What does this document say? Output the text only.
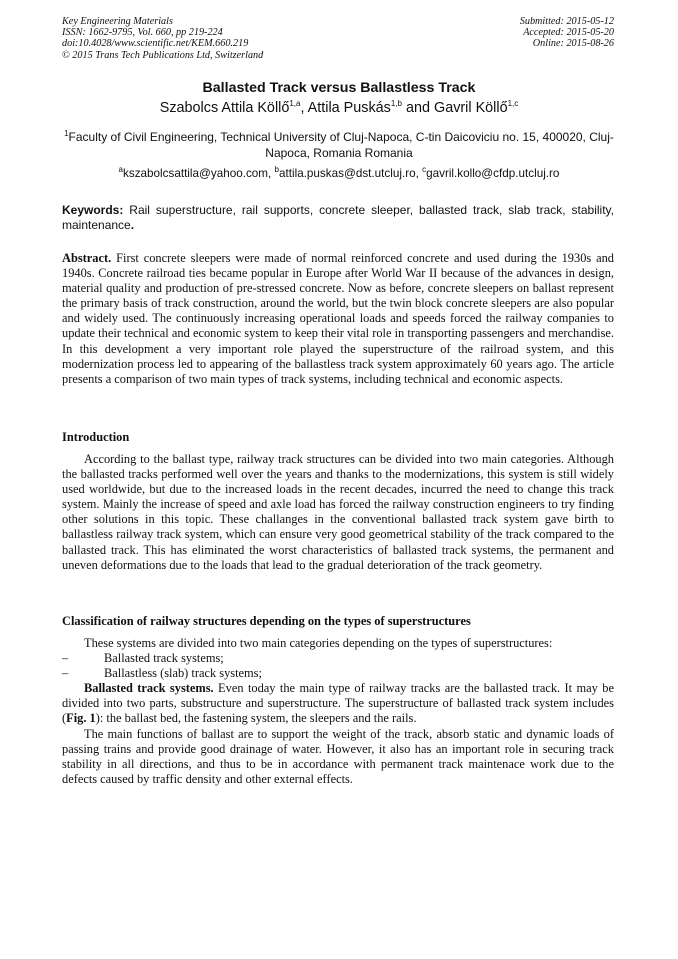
Key Engineering Materials
ISSN: 1662-9795, Vol. 660, pp 219-224
doi:10.4028/www.scientific.net/KEM.660.219
© 2015 Trans Tech Publications Ltd, Switzerland
Submitted: 2015-05-12
Accepted: 2015-05-20
Online: 2015-08-26
Ballasted Track versus Ballastless Track
Szabolcs Attila Köllő$^{1,a}$, Attila Puskás$^{1,b}$ and Gavril Köllő$^{1,c}$
$^1$Faculty of Civil Engineering, Technical University of Cluj-Napoca, C-tin Daicoviciu no. 15, 400020, Cluj-Napoca, Romania Romania
$^a$kszabolcsattila@yahoo.com, $^b$attila.puskas@dst.utcluj.ro, $^c$gavril.kollo@cfdp.utcluj.ro
Keywords: Rail superstructure, rail supports, concrete sleeper, ballasted track, slab track, stability, maintenance.
Abstract. First concrete sleepers were made of normal reinforced concrete and used during the 1930s and 1940s. Concrete railroad ties became popular in Europe after World War II because of the advances in design, material quality and production of pre-stressed concrete. Now as before, concrete sleepers on ballast represent the primary basis of track construction, around the world, but the twin block concrete sleepers are also popular and widely used. The continuously increasing operational loads and speeds forced the railway companies to update their technical and economic system to keep their vital role in transporting passengers and merchandise. In this development a very important role played the superstructure of the railroad system, and this modernization process led to appearing of the ballastless track system approximately 60 years ago. The article presents a comparison of two main types of track systems, including technical and economic aspects.
Introduction

According to the ballast type, railway track structures can be divided into two main categories. Although the ballasted tracks performed well over the years and thanks to the modernizations, this system is still widely used worldwide, but due to the increased loads in the recent decades, incurred the need to change this track system. Mainly the increase of speed and axle load has forced the railway construction engineers to try finding other solutions in this topic. These challanges in the conventional ballasted track system gave birth to ballastless railway track system, which can ensure very good geometrical stability of the track compared to the ballasted track. This has eliminated the worst characteristics of ballasted track systems, the permanent and uneven deformations due to the loads that lead to the gradual deterioration of the track geometry.

Classification of railway structures depending on the types of superstructures

These systems are divided into two main categories depending on the types of superstructures:

– Ballasted track systems;
– Ballastless (slab) track systems;

Ballasted track systems. Even today the main type of railway tracks are the ballasted track. It may be divided into two parts, substructure and superstructure. The superstructure of ballasted track system includes (Fig. 1): the ballast bed, the fastening system, the sleepers and the rails.

The main functions of ballast are to support the weight of the track, absorb static and dynamic loads of passing trains and provide good drainage of water. However, it also has an important role in securing track stability in all directions, and thus to be in accordance with permanent track maintenace work due to the defects caused by traffic density and other external effects.
